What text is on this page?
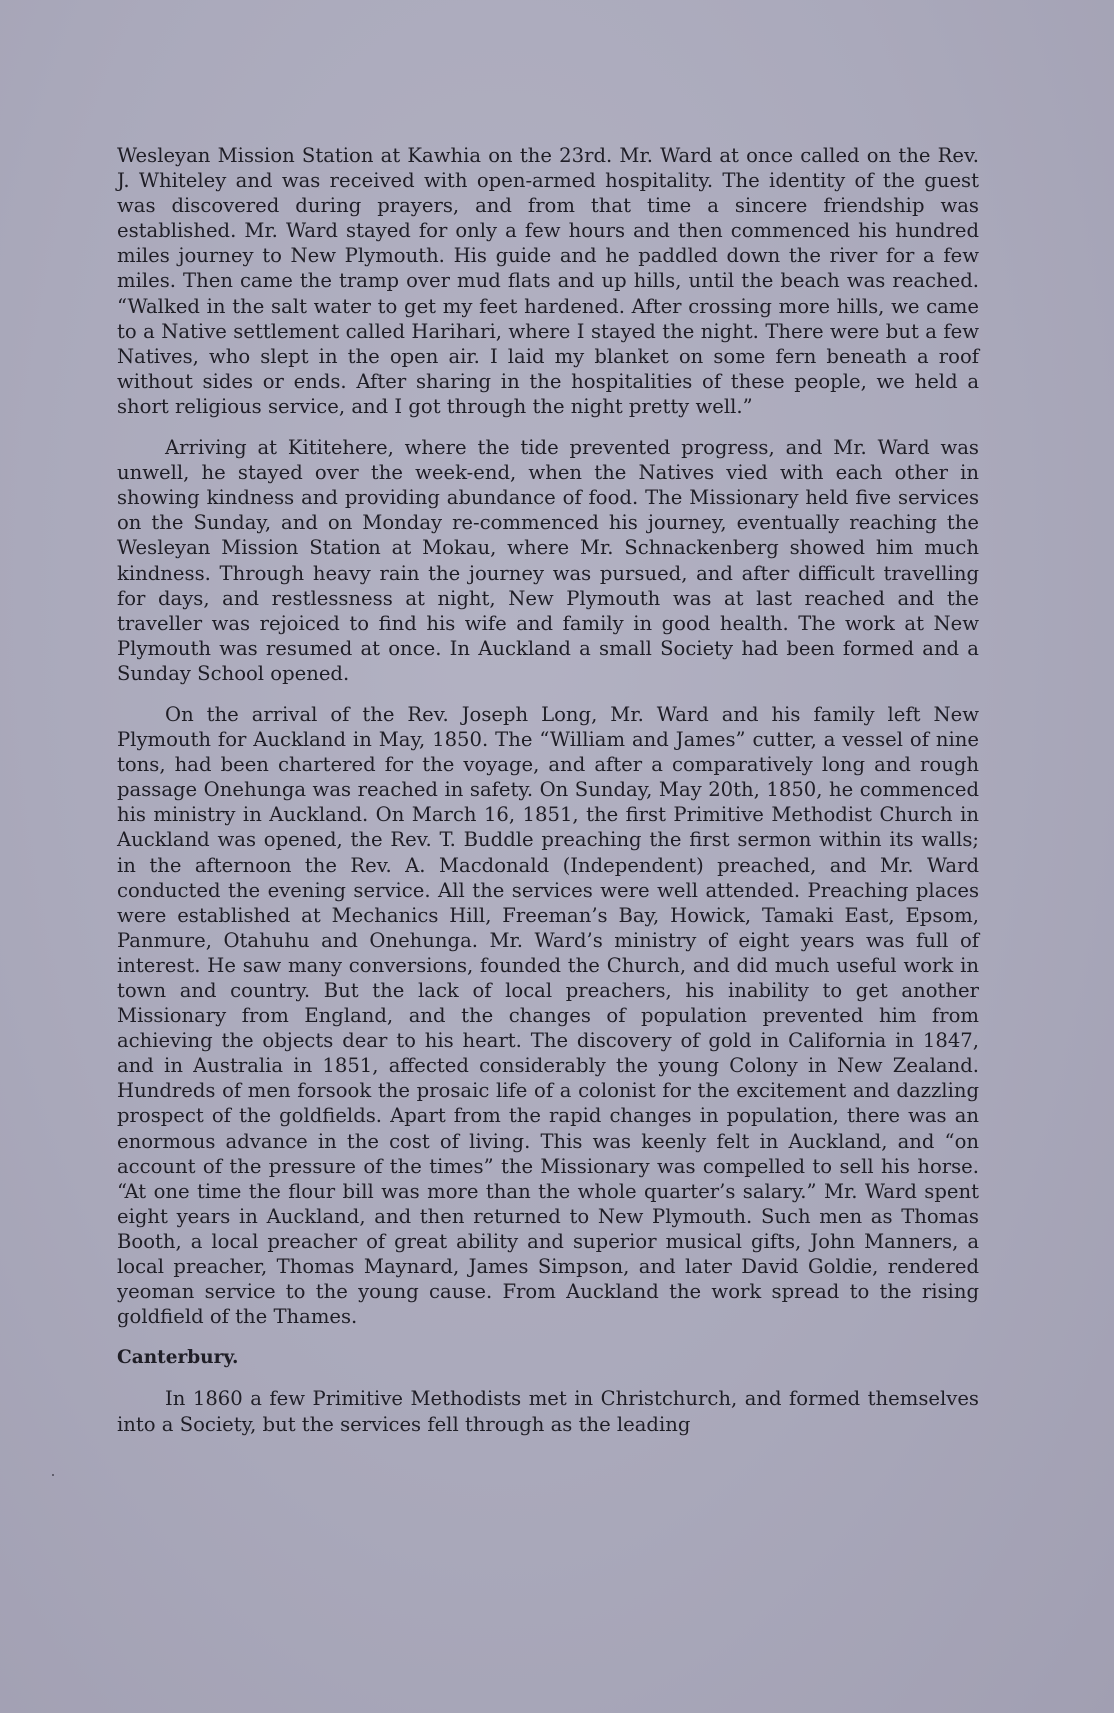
Wesleyan Mission Station at Kawhia on the 23rd. Mr. Ward at once called on the Rev. J. Whiteley and was received with open-armed hospitality. The identity of the guest was discovered during prayers, and from that time a sincere friendship was established. Mr. Ward stayed for only a few hours and then commenced his hundred miles journey to New Plymouth. His guide and he paddled down the river for a few miles. Then came the tramp over mud flats and up hills, until the beach was reached. “Walked in the salt water to get my feet hardened. After crossing more hills, we came to a Native settlement called Harihari, where I stayed the night. There were but a few Natives, who slept in the open air. I laid my blanket on some fern beneath a roof without sides or ends. After sharing in the hospitalities of these people, we held a short religious service, and I got through the night pretty well.”

Arriving at Kititehere, where the tide prevented progress, and Mr. Ward was unwell, he stayed over the week-end, when the Natives vied with each other in showing kindness and providing abundance of food. The Missionary held five services on the Sunday, and on Monday re-commenced his journey, eventually reaching the Wesleyan Mission Station at Mokau, where Mr. Schnackenberg showed him much kindness. Through heavy rain the journey was pursued, and after difficult travelling for days, and restlessness at night, New Plymouth was at last reached and the traveller was rejoiced to find his wife and family in good health. The work at New Plymouth was resumed at once. In Auckland a small Society had been formed and a Sunday School opened.

On the arrival of the Rev. Joseph Long, Mr. Ward and his family left New Plymouth for Auckland in May, 1850. The “William and James” cutter, a vessel of nine tons, had been chartered for the voyage, and after a comparatively long and rough passage Onehunga was reached in safety. On Sunday, May 20th, 1850, he commenced his ministry in Auckland. On March 16, 1851, the first Primitive Methodist Church in Auckland was opened, the Rev. T. Buddle preaching the first sermon within its walls; in the afternoon the Rev. A. Macdonald (Independent) preached, and Mr. Ward conducted the evening service. All the services were well attended. Preaching places were established at Mechanics Hill, Freeman’s Bay, Howick, Tamaki East, Epsom, Panmure, Otahuhu and Onehunga. Mr. Ward’s ministry of eight years was full of interest. He saw many conversions, founded the Church, and did much useful work in town and country. But the lack of local preachers, his inability to get another Missionary from England, and the changes of population prevented him from achieving the objects dear to his heart. The discovery of gold in California in 1847, and in Australia in 1851, affected considerably the young Colony in New Zealand. Hundreds of men forsook the prosaic life of a colonist for the excitement and dazzling prospect of the goldfields. Apart from the rapid changes in population, there was an enormous advance in the cost of living. This was keenly felt in Auckland, and “on account of the pressure of the times” the Missionary was compelled to sell his horse. “At one time the flour bill was more than the whole quarter’s salary.” Mr. Ward spent eight years in Auckland, and then returned to New Plymouth. Such men as Thomas Booth, a local preacher of great ability and superior musical gifts, John Manners, a local preacher, Thomas Maynard, James Simpson, and later David Goldie, rendered yeoman service to the young cause. From Auckland the work spread to the rising goldfield of the Thames.

Canterbury.

In 1860 a few Primitive Methodists met in Christchurch, and formed themselves into a Society, but the services fell through as the leading
